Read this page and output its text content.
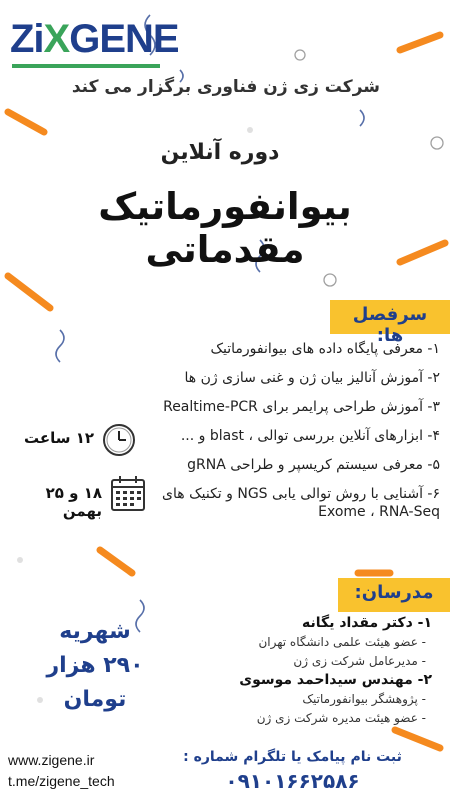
ZiXGENE
شرکت زی ژن فناوری برگزار می کند
دوره آنلاین
بیوانفورماتیک مقدماتی
سرفصل ها:
۱- معرفی پایگاه داده های بیوانفورماتیک
۲- آموزش آنالیز بیان ژن و غنی سازی ژن ها
۳- آموزش طراحی پرایمر برای Realtime-PCR
۴- ابزارهای آنلاین بررسی توالی ، blast و ...
۵- معرفی سیستم کریسپر و طراحی gRNA
۶- آشنایی با روش توالی یابی NGS و تکنیک های Exome ، RNA-Seq
۱۲ ساعت
۱۸ و ۲۵ بهمن
مدرسان:
۱- دکتر مقداد یگانه
- عضو هیئت علمی دانشگاه تهران
- مدیرعامل شرکت زی ژن
۲- مهندس سیداحمد موسوی
- پژوهشگر بیوانفورماتیک
- عضو هیئت مدیره شرکت زی ژن
شهریه
۲۹۰ هزار تومان
www.zigene.ir
t.me/zigene_tech
ثبت نام پیامک یا تلگرام شماره :
۰۹۱۰۱۶۶۲۵۸۶
